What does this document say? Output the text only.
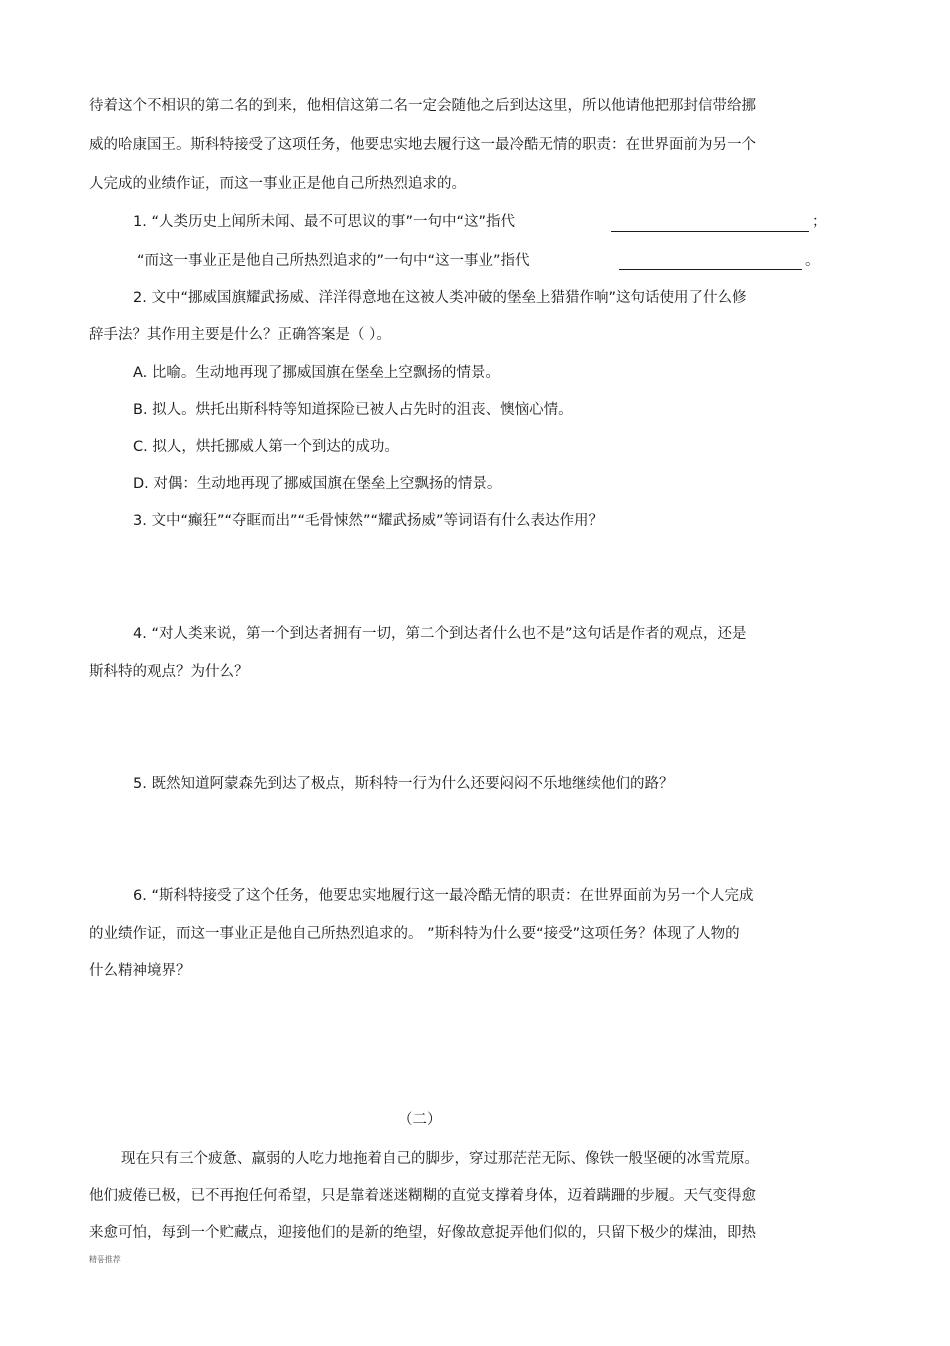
待着这个不相识的第二名的到来，他相信这第二名一定会随他之后到达这里，所以他请他把那封信带给挪
威的哈康国王。斯科特接受了这项任务，他要忠实地去履行这一最冷酷无情的职责：在世界面前为另一个
人完成的业绩作证，而这一事业正是他自己所热烈追求的。
1. “人类历史上闻所未闻、最不可思议的事”一句中“这”指代	；
“而这一事业正是他自己所热烈追求的”一句中“这一事业”指代	。
2. 文中“挪威国旗耀武扬威、洋洋得意地在这被人类冲破的堡垒上猎猎作响”这句话使用了什么修
辞手法？其作用主要是什么？正确答案是（ ）。
A. 比喻。生动地再现了挪威国旗在堡垒上空飘扬的情景。
B. 拟人。烘托出斯科特等知道探险已被人占先时的沮丧、懊恼心情。
C. 拟人，烘托挪威人第一个到达的成功。
D. 对偶：生动地再现了挪威国旗在堡垒上空飘扬的情景。
3. 文中“癫狂”“夺眶而出”“毛骨悚然”“耀武扬威”等词语有什么表达作用？
4. “对人类来说，第一个到达者拥有一切，第二个到达者什么也不是”这句话是作者的观点，还是
斯科特的观点？为什么？
5. 既然知道阿蒙森先到达了极点，斯科特一行为什么还要闷闷不乐地继续他们的路？
6. “斯科特接受了这个任务，他要忠实地履行这一最冷酷无情的职责：在世界面前为另一个人完成
的业绩作证，而这一事业正是他自己所热烈追求的。 ”斯科特为什么要“接受”这项任务？体现了人物的
什么精神境界？
（二）
现在只有三个疲惫、羸弱的人吃力地拖着自己的脚步，穿过那茫茫无际、像铁一般坚硬的冰雪荒原。
他们疲倦已极，已不再抱任何希望，只是靠着迷迷糊糊的直觉支撑着身体，迈着蹒跚的步履。天气变得愈
来愈可怕，每到一个贮藏点，迎接他们的是新的绝望，好像故意捉弄他们似的，只留下极少的煤油，即热
精품推荐
